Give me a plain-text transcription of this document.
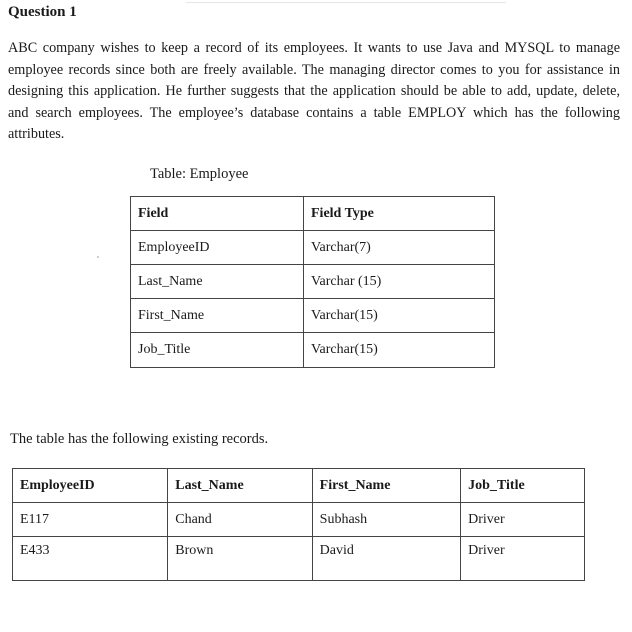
Question 1

ABC company wishes to keep a record of its employees. It wants to use Java and MYSQL to manage employee records since both are freely available. The managing director comes to you for assistance in designing this application. He further suggests that the application should be able to add, update, delete, and search employees. The employee’s database contains a table EMPLOY which has the following attributes.

Table: Employee
Field	Field Type
EmployeeID	Varchar(7)
Last_Name	Varchar (15)
First_Name	Varchar(15)
Job_Title	Varchar(15)
The table has the following existing records.
EmployeeID	Last_Name	First_Name	Job_Title
E117	Chand	Subhash	Driver
E433	Brown	David	Driver
